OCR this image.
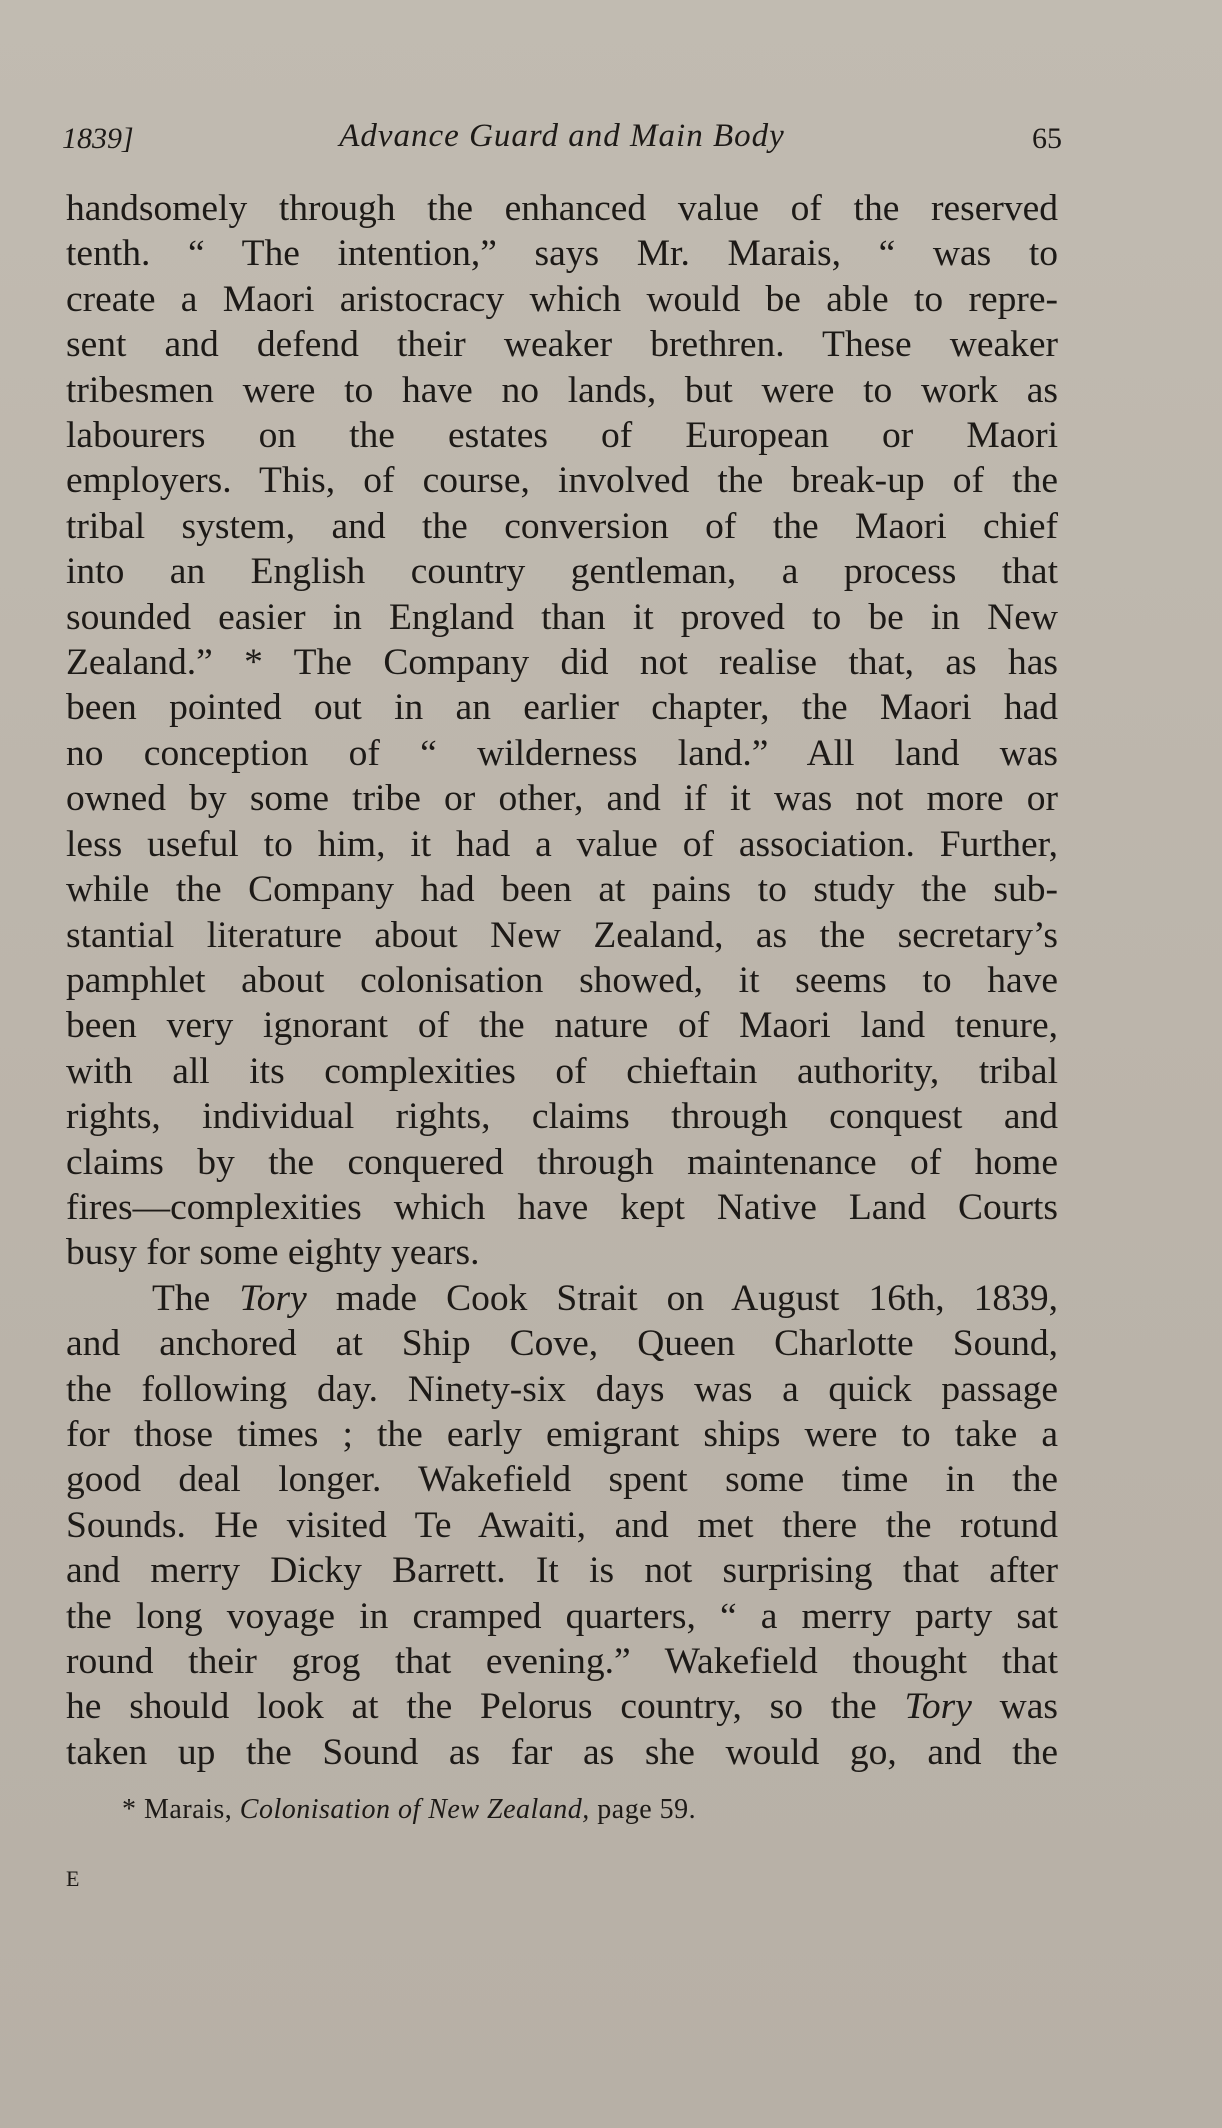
1839]	Advance Guard and Main Body	65
handsomely through the enhanced value of the reserved
tenth. “ The intention,” says Mr. Marais, “ was to
create a Maori aristocracy which would be able to repre-
sent and defend their weaker brethren. These weaker
tribesmen were to have no lands, but were to work as
labourers on the estates of European or Maori
employers. This, of course, involved the break-up of the
tribal system, and the conversion of the Maori chief
into an English country gentleman, a process that
sounded easier in England than it proved to be in New
Zealand.” * The Company did not realise that, as has
been pointed out in an earlier chapter, the Maori had
no conception of “ wilderness land.” All land was
owned by some tribe or other, and if it was not more or
less useful to him, it had a value of association. Further,
while the Company had been at pains to study the sub-
stantial literature about New Zealand, as the secretary’s
pamphlet about colonisation showed, it seems to have
been very ignorant of the nature of Maori land tenure,
with all its complexities of chieftain authority, tribal
rights, individual rights, claims through conquest and
claims by the conquered through maintenance of home
fires—complexities which have kept Native Land Courts
busy for some eighty years.
The Tory made Cook Strait on August 16th, 1839,
and anchored at Ship Cove, Queen Charlotte Sound,
the following day. Ninety-six days was a quick passage
for those times ; the early emigrant ships were to take a
good deal longer. Wakefield spent some time in the
Sounds. He visited Te Awaiti, and met there the rotund
and merry Dicky Barrett. It is not surprising that after
the long voyage in cramped quarters, “ a merry party sat
round their grog that evening.” Wakefield thought that
he should look at the Pelorus country, so the Tory was
taken up the Sound as far as she would go, and the
* Marais, Colonisation of New Zealand, page 59.
E
